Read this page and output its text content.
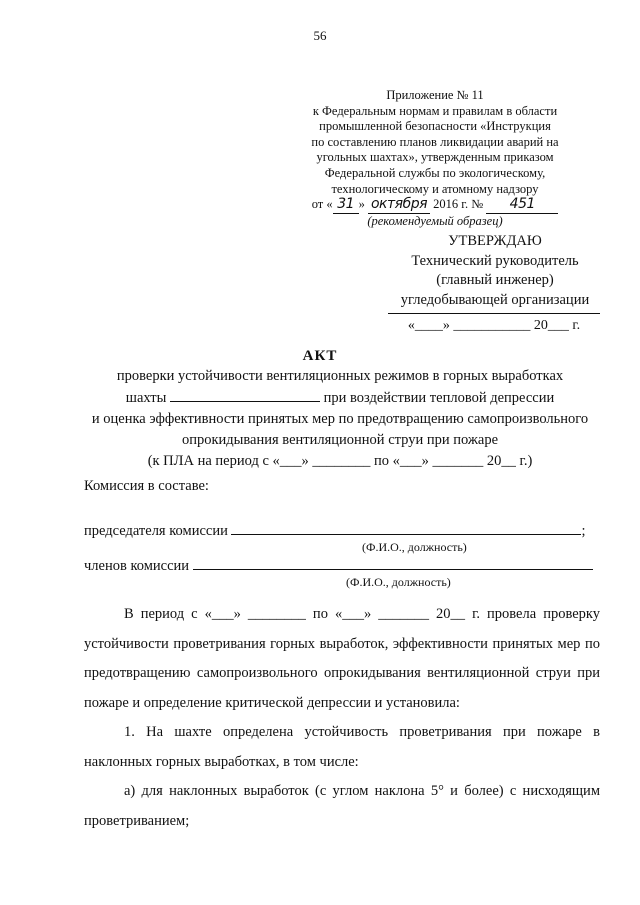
56
Приложение № 11
к Федеральным нормам и правилам в области
промышленной безопасности «Инструкция
по составлению планов ликвидации аварий на
угольных шахтах», утвержденным приказом
Федеральной службы по экологическому,
технологическому и атомному надзору
от « 31 » октября 2016 г. № 451
(рекомендуемый образец)
УТВЕРЖДАЮ
Технический руководитель
(главный инженер)
угледобывающей организации
«____» ___________ 20___ г.
АКТ
проверки устойчивости вентиляционных режимов в горных выработках
шахты	при воздействии тепловой депрессии
и оценка эффективности принятых мер по предотвращению самопроизвольного
опрокидывания вентиляционной струи при пожаре
(к ПЛА на период с «___» ________ по «___» _______ 20__ г.)
Комиссия в составе:
председателя комиссии	;
(Ф.И.О., должность)
членов комиссии
(Ф.И.О., должность)

В период с «___» ________ по «___» _______ 20__ г. провела проверку устойчивости проветривания горных выработок, эффективности принятых мер по предотвращению самопроизвольного опрокидывания вентиляционной струи при пожаре и определение критической депрессии и установила:

1. На шахте определена устойчивость проветривания при пожаре в наклонных горных выработках, в том числе:

а) для наклонных выработок (с углом наклона 5° и более) с нисходящим проветриванием;
